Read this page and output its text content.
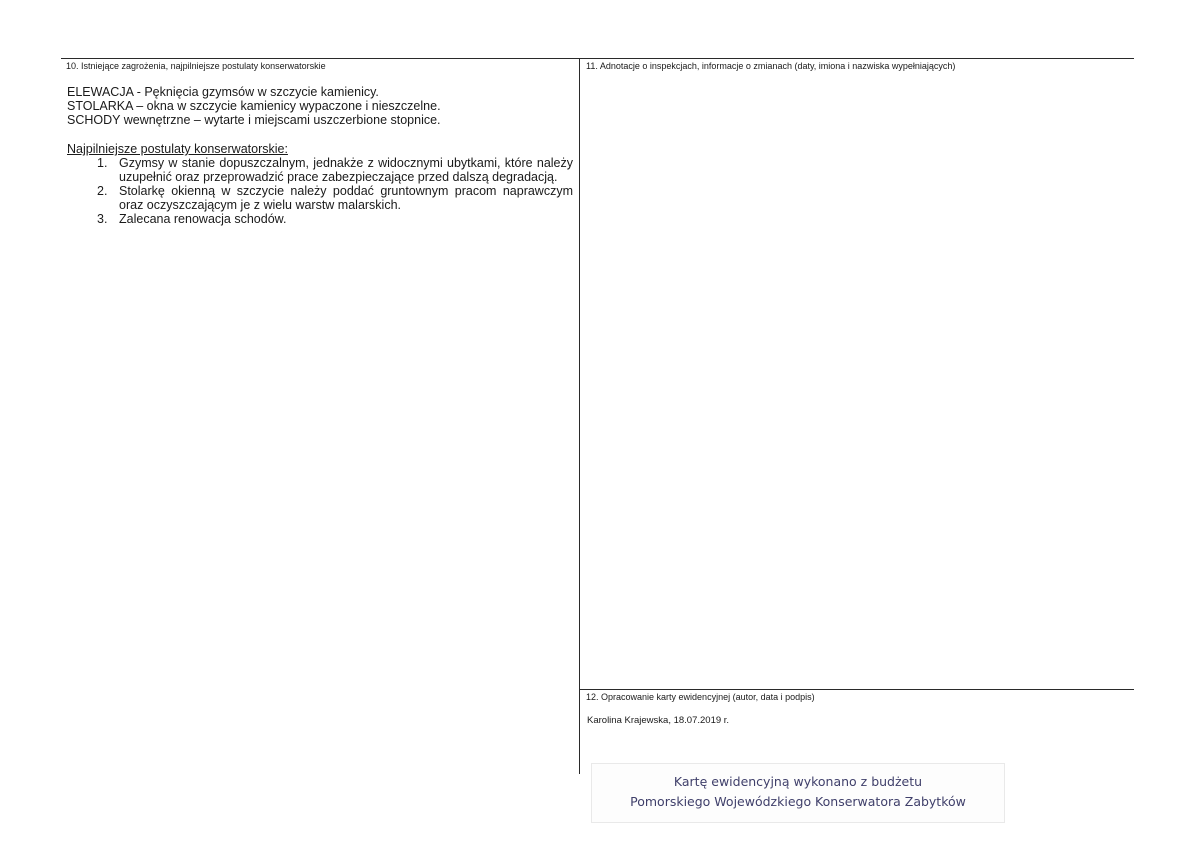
10. Istniejące zagrożenia, najpilniejsze postulaty konserwatorskie

ELEWACJA - Pęknięcia gzymsów w szczycie kamienicy.

STOLARKA – okna w szczycie kamienicy wypaczone i nieszczelne.

SCHODY wewnętrzne – wytarte i miejscami uszczerbione stopnice.

Najpilniejsze postulaty konserwatorskie:
1. Gzymsy w stanie dopuszczalnym, jednakże z widocznymi ubytkami, które należy uzupełnić oraz przeprowadzić prace zabezpieczające przed dalszą degradacją.
2. Stolarkę okienną w szczycie należy poddać gruntownym pracom naprawczym oraz oczyszczającym je z wielu warstw malarskich.
3. Zalecana renowacja schodów.
11. Adnotacje o inspekcjach, informacje o zmianach (daty, imiona i nazwiska wypełniających)
12. Opracowanie karty ewidencyjnej (autor, data i podpis)
Karolina Krajewska, 18.07.2019 r.
Kartę ewidencyjną wykonano z budżetu
Pomorskiego Wojewódzkiego Konserwatora Zabytków
